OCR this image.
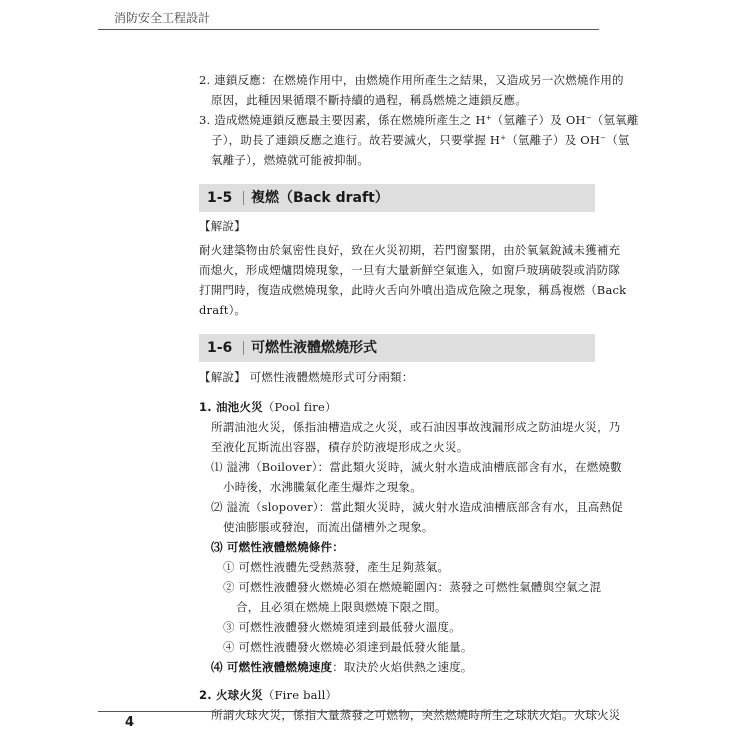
消防安全工程設計
2. 連鎖反應：在燃燒作用中，由燃燒作用所產生之結果，又造成另一次燃燒作用的
原因，此種因果循環不斷持續的過程，稱爲燃燒之連鎖反應。
3. 造成燃燒連鎖反應最主要因素，係在燃燒所產生之 H+（氫離子）及 OH−（氫氧離
子），助長了連鎖反應之進行。故若要滅火，只要掌握 H+（氫離子）及 OH−（氫
氧離子），燃燒就可能被抑制。
1-5 複燃（Back draft）
【解說】
耐火建築物由於氣密性良好，致在火災初期，若門窗緊閉，由於氧氣銳減未獲補充
而熄火，形成煙爐悶燒現象，一旦有大量新鮮空氣進入，如窗戶玻璃破裂或消防隊
打開門時，復造成燃燒現象，此時火舌向外噴出造成危險之現象，稱爲複燃（Back
draft）。
1-6 可燃性液體燃燒形式
【解說】 可燃性液體燃燒形式可分兩類：
1. 油池火災（Pool fire）
所謂油池火災，係指油槽造成之火災，或石油因事故洩漏形成之防油堤火災，乃
至液化瓦斯流出容器，積存於防液堤形成之火災。
⑴ 溢沸（Boilover）：當此類火災時，滅火射水造成油槽底部含有水，在燃燒數
小時後，水沸騰氣化產生爆炸之現象。
⑵ 溢流（slopover）：當此類火災時，滅火射水造成油槽底部含有水，且高熱促
使油膨脹或發泡，而流出儲槽外之現象。
⑶ 可燃性液體燃燒條件：
① 可燃性液體先受熱蒸發，產生足夠蒸氣。
② 可燃性液體發火燃燒必須在燃燒範圍內：蒸發之可燃性氣體與空氣之混
合，且必須在燃燒上限與燃燒下限之間。
③ 可燃性液體發火燃燒須達到最低發火溫度。
④ 可燃性液體發火燃燒必須達到最低發火能量。
⑷ 可燃性液體燃燒速度：取決於火焰供熱之速度。
2. 火球火災（Fire ball）
所謂火球火災，係指大量蒸發之可燃物，突然燃燒時所生之球狀火焰。火球火災
4
